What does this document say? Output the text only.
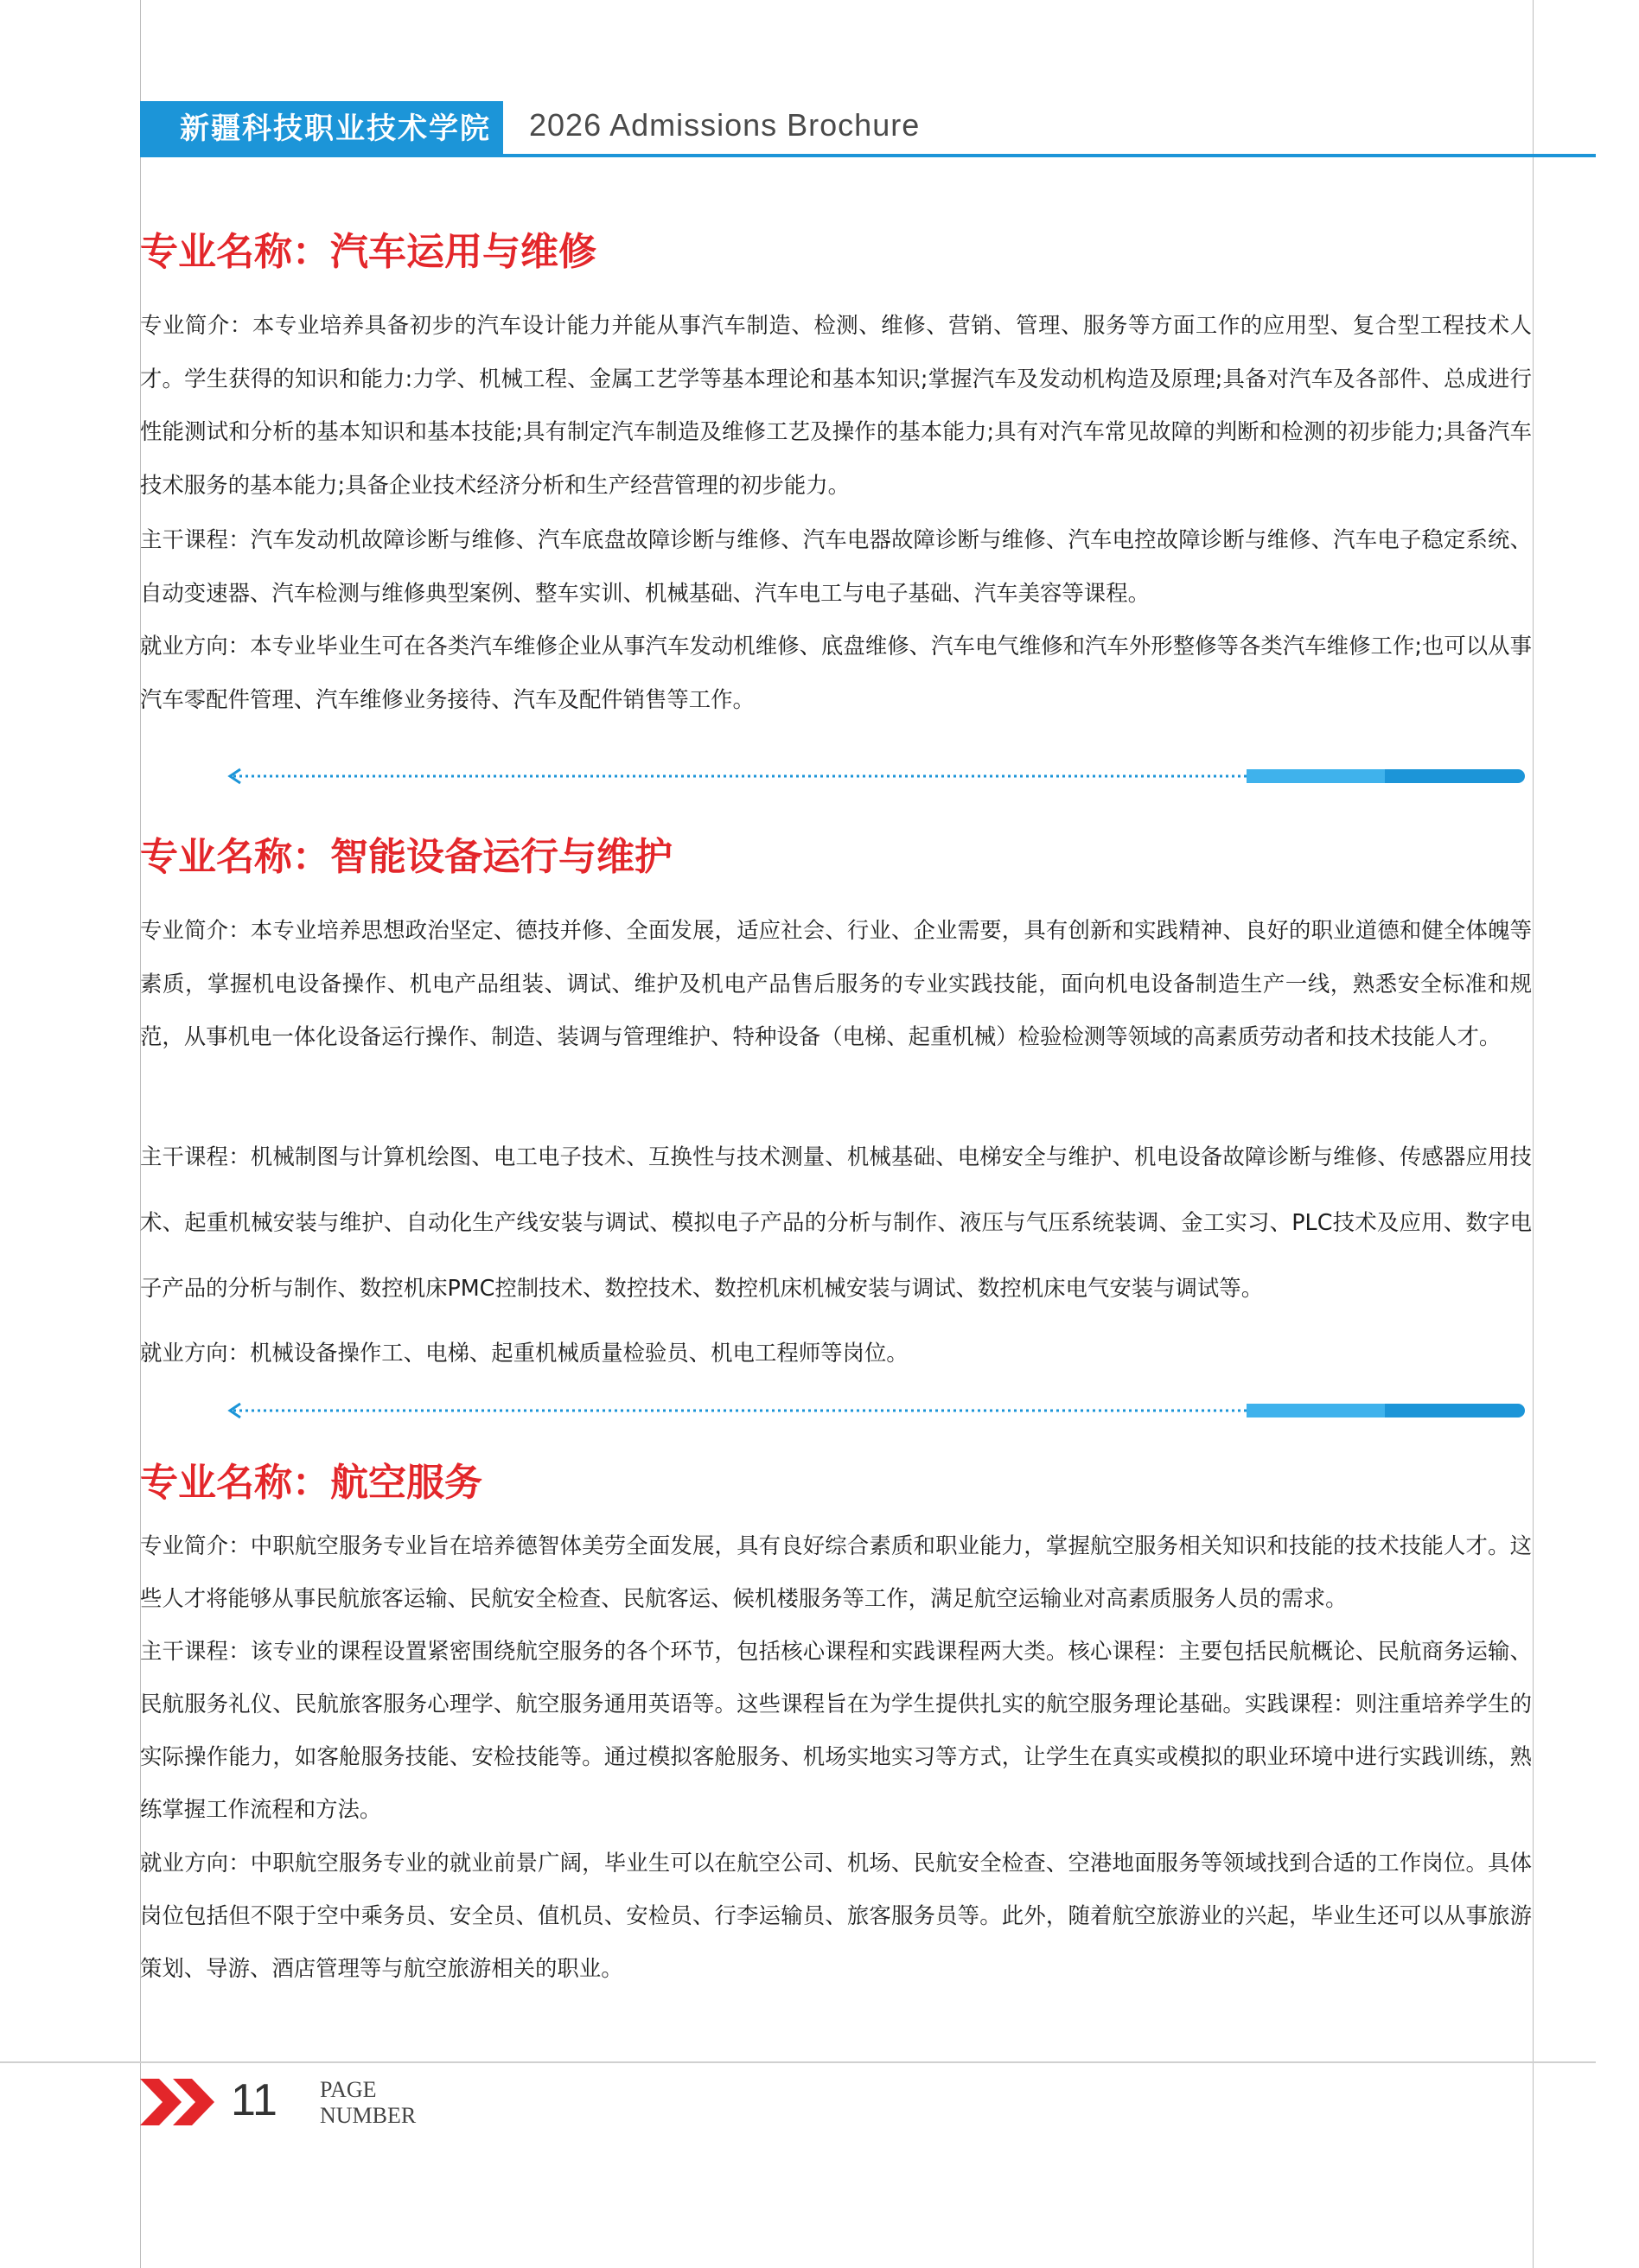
新疆科技职业技术学院 2026 Admissions Brochure
专业名称：汽车运用与维修
专业简介：本专业培养具备初步的汽车设计能力并能从事汽车制造、检测、维修、营销、管理、服务等方面工作的应用型、复合型工程技术人才。学生获得的知识和能力:力学、机械工程、金属工艺学等基本理论和基本知识;掌握汽车及发动机构造及原理;具备对汽车及各部件、总成进行性能测试和分析的基本知识和基本技能;具有制定汽车制造及维修工艺及操作的基本能力;具有对汽车常见故障的判断和检测的初步能力;具备汽车技术服务的基本能力;具备企业技术经济分析和生产经营管理的初步能力。
主干课程：汽车发动机故障诊断与维修、汽车底盘故障诊断与维修、汽车电器故障诊断与维修、汽车电控故障诊断与维修、汽车电子稳定系统、自动变速器、汽车检测与维修典型案例、整车实训、机械基础、汽车电工与电子基础、汽车美容等课程。
就业方向：本专业毕业生可在各类汽车维修企业从事汽车发动机维修、底盘维修、汽车电气维修和汽车外形整修等各类汽车维修工作;也可以从事汽车零配件管理、汽车维修业务接待、汽车及配件销售等工作。
专业名称：智能设备运行与维护
专业简介：本专业培养思想政治坚定、德技并修、全面发展，适应社会、行业、企业需要，具有创新和实践精神、良好的职业道德和健全体魄等素质，掌握机电设备操作、机电产品组装、调试、维护及机电产品售后服务的专业实践技能，面向机电设备制造生产一线，熟悉安全标准和规范，从事机电一体化设备运行操作、制造、装调与管理维护、特种设备（电梯、起重机械）检验检测等领域的高素质劳动者和技术技能人才。
主干课程：机械制图与计算机绘图、电工电子技术、互换性与技术测量、机械基础、电梯安全与维护、机电设备故障诊断与维修、传感器应用技术、起重机械安装与维护、自动化生产线安装与调试、模拟电子产品的分析与制作、液压与气压系统装调、金工实习、PLC技术及应用、数字电子产品的分析与制作、数控机床PMC控制技术、数控技术、数控机床机械安装与调试、数控机床电气安装与调试等。
就业方向：机械设备操作工、电梯、起重机械质量检验员、机电工程师等岗位。
专业名称：航空服务
专业简介：中职航空服务专业旨在培养德智体美劳全面发展，具有良好综合素质和职业能力，掌握航空服务相关知识和技能的技术技能人才。这些人才将能够从事民航旅客运输、民航安全检查、民航客运、候机楼服务等工作，满足航空运输业对高素质服务人员的需求。
主干课程：该专业的课程设置紧密围绕航空服务的各个环节，包括核心课程和实践课程两大类。核心课程：主要包括民航概论、民航商务运输、民航服务礼仪、民航旅客服务心理学、航空服务通用英语等。这些课程旨在为学生提供扎实的航空服务理论基础。实践课程：则注重培养学生的实际操作能力，如客舱服务技能、安检技能等。通过模拟客舱服务、机场实地实习等方式，让学生在真实或模拟的职业环境中进行实践训练，熟练掌握工作流程和方法。
就业方向：中职航空服务专业的就业前景广阔，毕业生可以在航空公司、机场、民航安全检查、空港地面服务等领域找到合适的工作岗位。具体岗位包括但不限于空中乘务员、安全员、值机员、安检员、行李运输员、旅客服务员等。此外，随着航空旅游业的兴起，毕业生还可以从事旅游策划、导游、酒店管理等与航空旅游相关的职业。
11 PAGE
NUMBER
